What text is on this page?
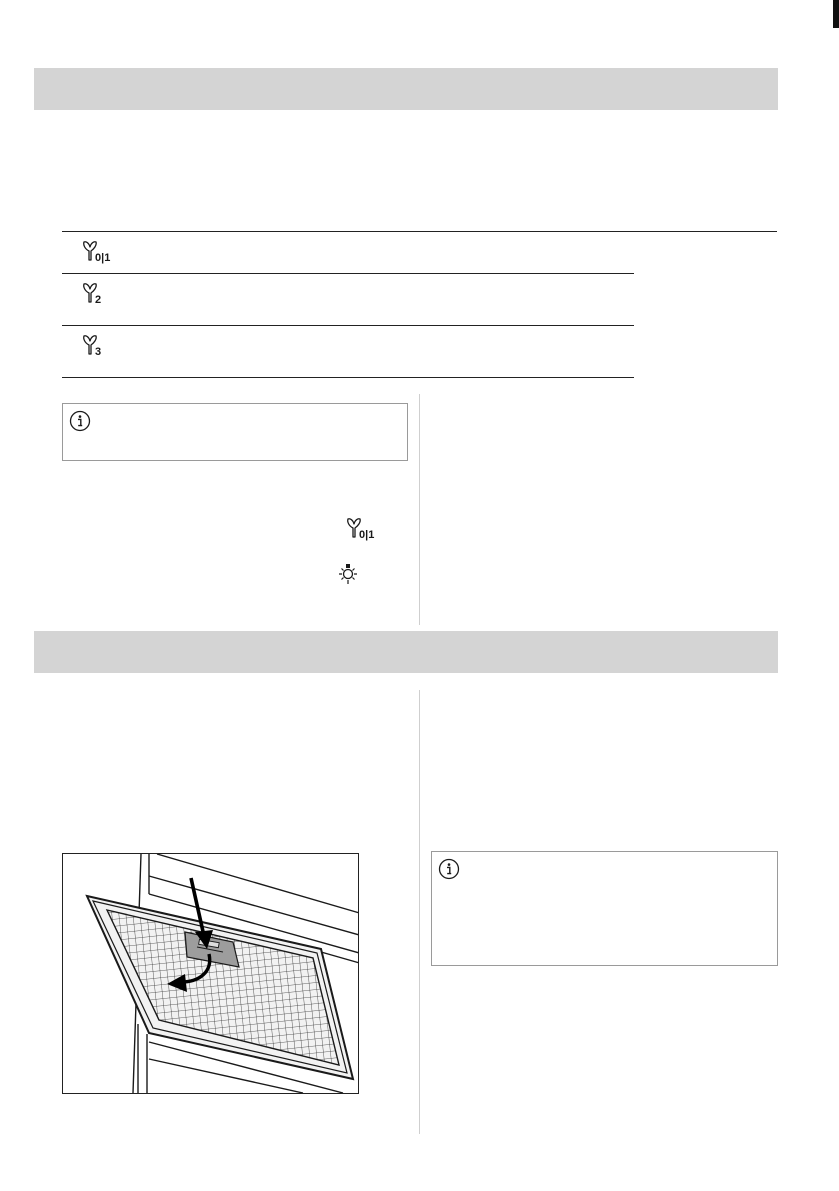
0|1
2
3
0|1
